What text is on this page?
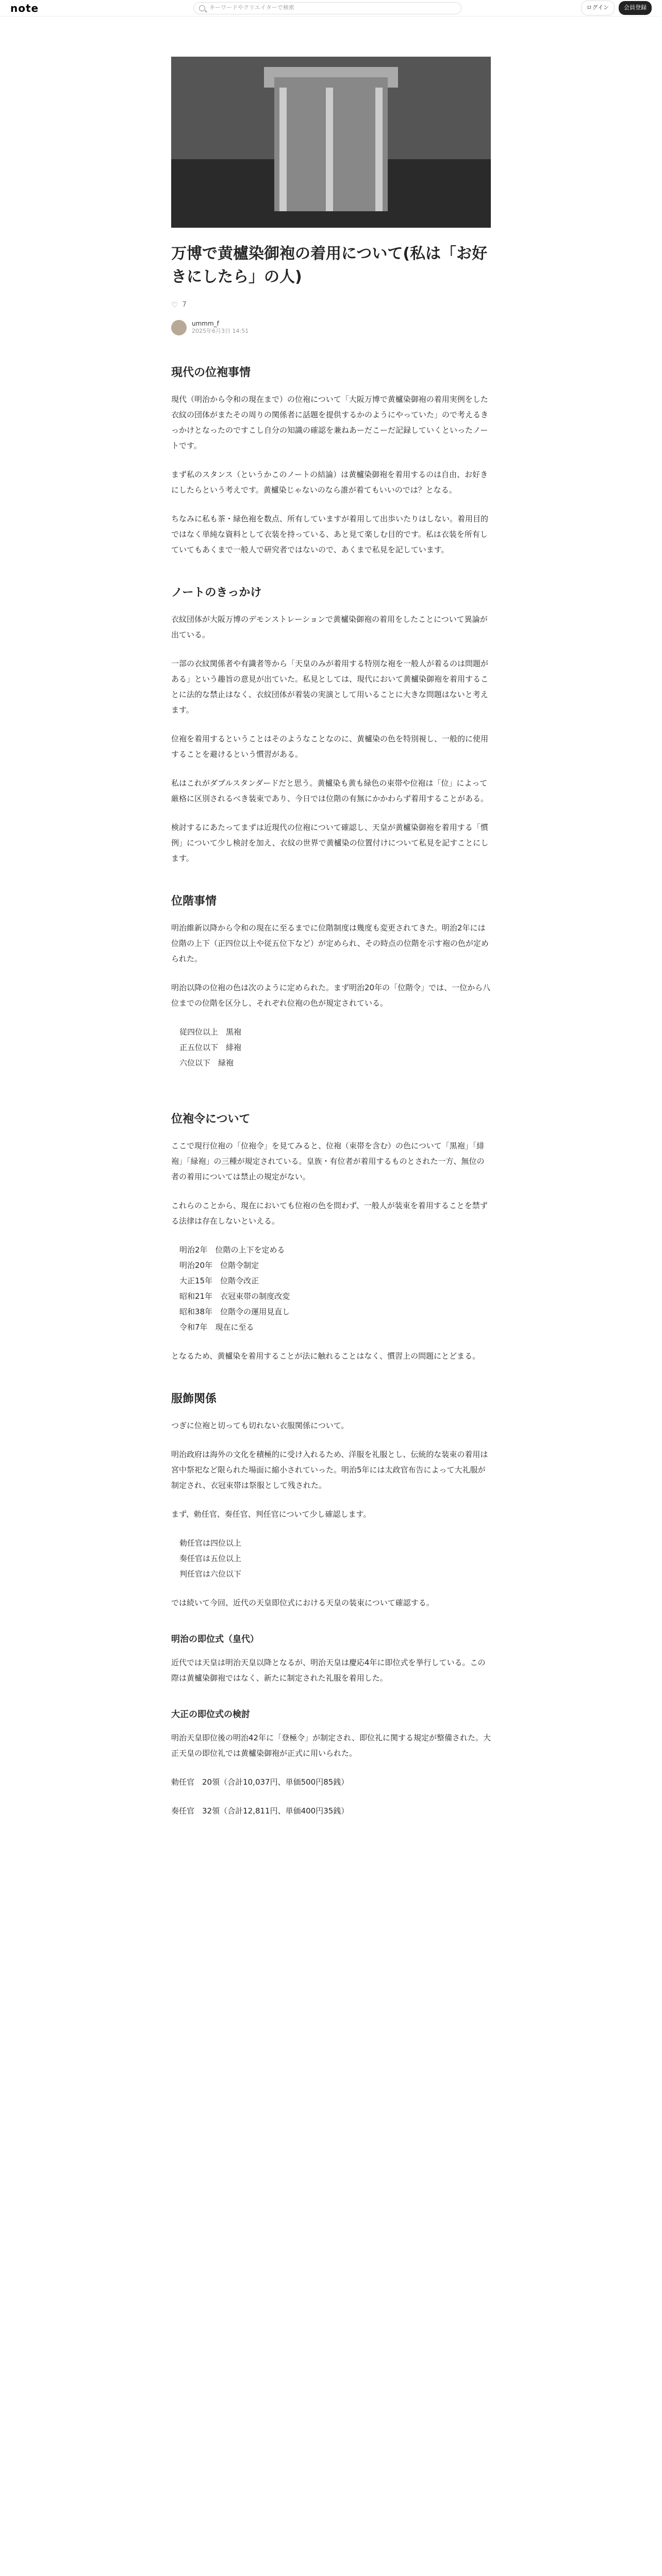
note	キーワードやクリエイターで検索	ログイン	会員登録
万博で黄櫨染御袍の着用について(私は「お好きにしたら」の人)
♡ 7
ummm_f
2025年6月3日 14:51
現代の位袍事情

現代（明治から令和の現在まで）の位袍について「大阪万博で黄櫨染御袍の着用実例をした衣紋の団体がまたその周りの関係者に話題を提供するかのようにやっていた」ので考えるきっかけとなったのですこし自分の知識の確認を兼ねあーだこーだ記録していくといったノートです。

まず私のスタンス（というかこのノートの結論）は黄櫨染御袍を着用するのは自由、お好きにしたらという考えです。黄櫨染じゃないのなら誰が着てもいいのでは？となる。

ちなみに私も茶・緑色袍を数点、所有していますが着用して出歩いたりはしない。着用目的ではなく単純な資料として衣装を持っている、あと見て楽しむ目的です。私は衣装を所有していてもあくまで一般人で研究者ではないので、あくまで私見を記しています。

ノートのきっかけ

衣紋団体が大阪万博のデモンストレーションで黄櫨染御袍の着用をしたことについて異論が出ている。

一部の衣紋関係者や有識者等から「天皇のみが着用する特別な袍を一般人が着るのは問題がある」という趣旨の意見が出ていた。私見としては、現代において黄櫨染御袍を着用することに法的な禁止はなく、衣紋団体が着装の実演として用いることに大きな問題はないと考えます。

位袍を着用するということはそのようなことなのに、黄櫨染の色を特別視し、一般的に使用することを避けるという慣習がある。

私はこれがダブルスタンダードだと思う。黄櫨染も黄も緑色の束帯や位袍は「位」によって厳格に区別されるべき装束であり、今日では位階の有無にかかわらず着用することがある。

検討するにあたってまずは近現代の位袍について確認し、天皇が黄櫨染御袍を着用する「慣例」について少し検討を加え、衣紋の世界で黄櫨染の位置付けについて私見を記すことにします。

位階事情

明治維新以降から令和の現在に至るまでに位階制度は幾度も変更されてきた。明治2年には位階の上下（正四位以上や従五位下など）が定められ、その時点の位階を示す袍の色が定められた。

明治以降の位袍の色は次のように定められた。まず明治20年の「位階令」では、一位から八位までの位階を区分し、それぞれ位袍の色が規定されている。

従四位以上　黒袍

正五位以下　緋袍

六位以下　緑袍

位袍令について

ここで現行位袍の「位袍令」を見てみると、位袍（束帯を含む）の色について「黒袍」「緋袍」「緑袍」の三種が規定されている。皇族・有位者が着用するものとされた一方、無位の者の着用については禁止の規定がない。

これらのことから、現在においても位袍の色を問わず、一般人が装束を着用することを禁ずる法律は存在しないといえる。

明治2年　位階の上下を定める

明治20年　位階令制定

大正15年　位階令改正

昭和21年　衣冠束帯の制度改変

昭和38年　位階令の運用見直し

令和7年　現在に至る

となるため、黄櫨染を着用することが法に触れることはなく、慣習上の問題にとどまる。

服飾関係

つぎに位袍と切っても切れない衣服関係について。

明治政府は海外の文化を積極的に受け入れるため、洋服を礼服とし、伝統的な装束の着用は宮中祭祀など限られた場面に縮小されていった。明治5年には太政官布告によって大礼服が制定され、衣冠束帯は祭服として残された。

まず、勅任官、奏任官、判任官について少し確認します。

勅任官は四位以上

奏任官は五位以上

判任官は六位以下

では続いて今回、近代の天皇即位式における天皇の装束について確認する。

明治の即位式（皇代）

近代では天皇は明治天皇以降となるが、明治天皇は慶応4年に即位式を挙行している。この際は黄櫨染御袍ではなく、新たに制定された礼服を着用した。

大正の即位式の検討

明治天皇即位後の明治42年に「登極令」が制定され、即位礼に関する規定が整備された。大正天皇の即位礼では黄櫨染御袍が正式に用いられた。

勅任官　20領（合計10,037円、単価500円85銭）

奏任官　32領（合計12,811円、単価400円35銭）
